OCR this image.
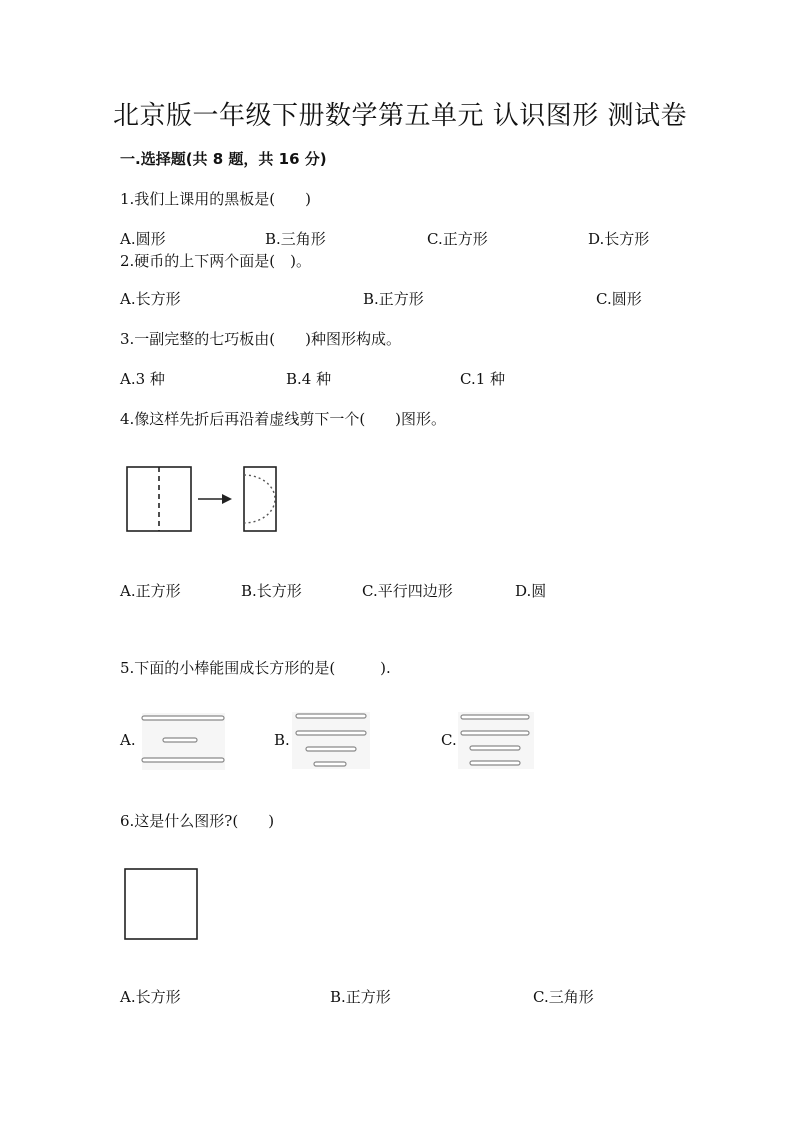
北京版一年级下册数学第五单元 认识图形 测试卷
一.选择题(共 8 题，共 16 分)
1.我们上课用的黑板是(　　)
A.圆形	B.三角形	C.正方形	D.长方形
2.硬币的上下两个面是(　)。
A.长方形	B.正方形	C.圆形
3.一副完整的七巧板由(　　)种图形构成。
A.3 种	B.4 种	C.1 种
4.像这样先折后再沿着虚线剪下一个(　　)图形。
A.正方形	B.长方形	C.平行四边形	D.圆
5.下面的小棒能围成长方形的是(　　　).
A.	B.	C.
6.这是什么图形?(　　)
A.长方形	B.正方形	C.三角形
